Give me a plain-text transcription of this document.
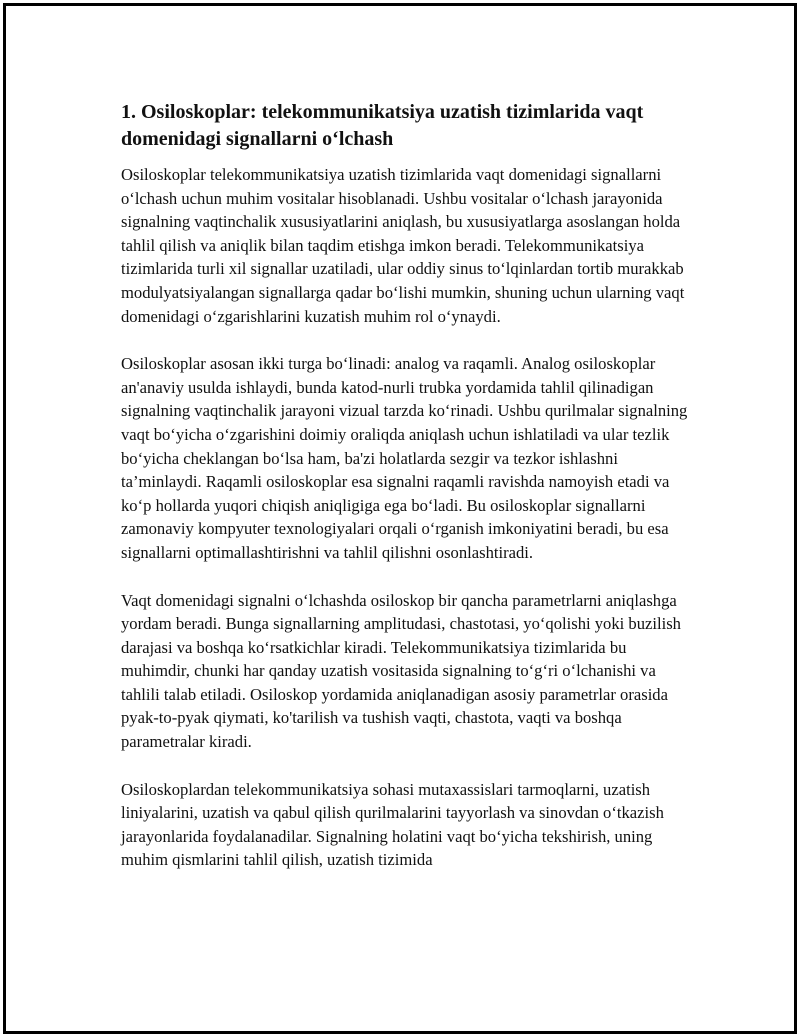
1. Osiloskoplar: telekommunikatsiya uzatish tizimlarida vaqt domenidagi signallarni o‘lchash

Osiloskoplar telekommunikatsiya uzatish tizimlarida vaqt domenidagi signallarni o‘lchash uchun muhim vositalar hisoblanadi. Ushbu vositalar o‘lchash jarayonida signalning vaqtinchalik xususiyatlarini aniqlash, bu xususiyatlarga asoslangan holda tahlil qilish va aniqlik bilan taqdim etishga imkon beradi. Telekommunikatsiya tizimlarida turli xil signallar uzatiladi, ular oddiy sinus to‘lqinlardan tortib murakkab modulyatsiyalangan signallarga qadar bo‘lishi mumkin, shuning uchun ularning vaqt domenidagi o‘zgarishlarini kuzatish muhim rol o‘ynaydi.

Osiloskoplar asosan ikki turga bo‘linadi: analog va raqamli. Analog osiloskoplar an'anaviy usulda ishlaydi, bunda katod-nurli trubka yordamida tahlil qilinadigan signalning vaqtinchalik jarayoni vizual tarzda ko‘rinadi. Ushbu qurilmalar signalning vaqt bo‘yicha o‘zgarishini doimiy oraliqda aniqlash uchun ishlatiladi va ular tezlik bo‘yicha cheklangan bo‘lsa ham, ba'zi holatlarda sezgir va tezkor ishlashni ta’minlaydi. Raqamli osiloskoplar esa signalni raqamli ravishda namoyish etadi va ko‘p hollarda yuqori chiqish aniqligiga ega bo‘ladi. Bu osiloskoplar signallarni zamonaviy kompyuter texnologiyalari orqali o‘rganish imkoniyatini beradi, bu esa signallarni optimallashtirishni va tahlil qilishni osonlashtiradi.

Vaqt domenidagi signalni o‘lchashda osiloskop bir qancha parametrlarni aniqlashga yordam beradi. Bunga signallarning amplitudasi, chastotasi, yo‘qolishi yoki buzilish darajasi va boshqa ko‘rsatkichlar kiradi. Telekommunikatsiya tizimlarida bu muhimdir, chunki har qanday uzatish vositasida signalning to‘g‘ri o‘lchanishi va tahlili talab etiladi. Osiloskop yordamida aniqlanadigan asosiy parametrlar orasida pyak-to-pyak qiymati, ko'tarilish va tushish vaqti, chastota, vaqti va boshqa parametralar kiradi.

Osiloskoplardan telekommunikatsiya sohasi mutaxassislari tarmoqlarni, uzatish liniyalarini, uzatish va qabul qilish qurilmalarini tayyorlash va sinovdan o‘tkazish jarayonlarida foydalanadilar. Signalning holatini vaqt bo‘yicha tekshirish, uning muhim qismlarini tahlil qilish, uzatish tizimida
